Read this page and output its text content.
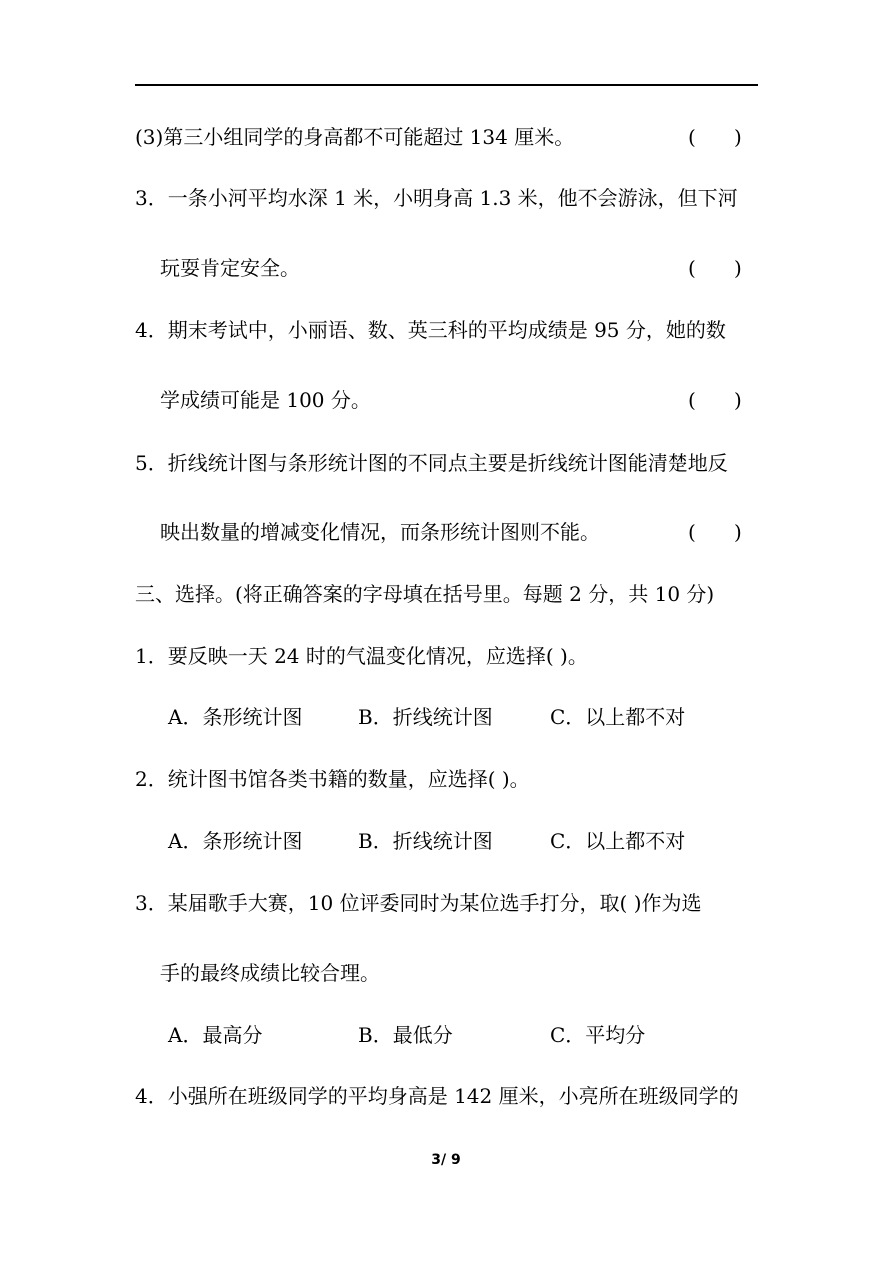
(3)第三小组同学的身高都不可能超过 134 厘米。	(      )
3．一条小河平均水深 1 米，小明身高 1.3 米，他不会游泳，但下河
玩耍肯定安全。	(      )
4．期末考试中，小丽语、数、英三科的平均成绩是 95 分，她的数
学成绩可能是 100 分。	(      )
5．折线统计图与条形统计图的不同点主要是折线统计图能清楚地反
映出数量的增减变化情况，而条形统计图则不能。	(      )
三、选择。(将正确答案的字母填在括号里。每题 2 分，共 10 分)
1．要反映一天 24 时的气温变化情况，应选择( )。
A．条形统计图	B．折线统计图	C．以上都不对
2．统计图书馆各类书籍的数量，应选择( )。
A．条形统计图	B．折线统计图	C．以上都不对
3．某届歌手大赛，10 位评委同时为某位选手打分，取( )作为选
手的最终成绩比较合理。
A．最高分	B．最低分	C．平均分
4．小强所在班级同学的平均身高是 142 厘米，小亮所在班级同学的
3/ 9
